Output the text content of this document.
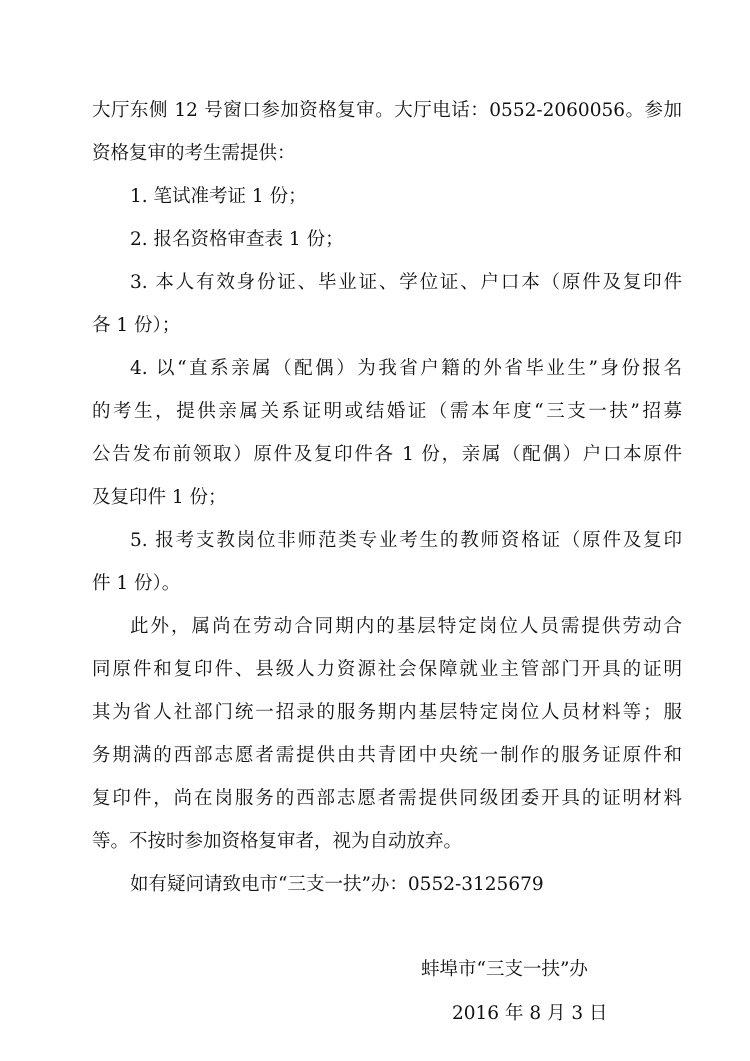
大厅东侧 12 号窗口参加资格复审。大厅电话：0552-2060056。参加
资格复审的考生需提供：
1. 笔试准考证 1 份；
2. 报名资格审查表 1 份；
3. 本人有效身份证、毕业证、学位证、户口本（原件及复印件
各 1 份）；
4. 以“直系亲属（配偶）为我省户籍的外省毕业生”身份报名
的考生，提供亲属关系证明或结婚证（需本年度“三支一扶”招募
公告发布前领取）原件及复印件各 1 份，亲属（配偶）户口本原件
及复印件 1 份；
5. 报考支教岗位非师范类专业考生的教师资格证（原件及复印
件 1 份）。
此外，属尚在劳动合同期内的基层特定岗位人员需提供劳动合
同原件和复印件、县级人力资源社会保障就业主管部门开具的证明
其为省人社部门统一招录的服务期内基层特定岗位人员材料等；服
务期满的西部志愿者需提供由共青团中央统一制作的服务证原件和
复印件，尚在岗服务的西部志愿者需提供同级团委开具的证明材料
等。不按时参加资格复审者，视为自动放弃。
如有疑问请致电市“三支一扶”办：0552-3125679
蚌埠市“三支一扶”办
2016 年 8 月 3 日
